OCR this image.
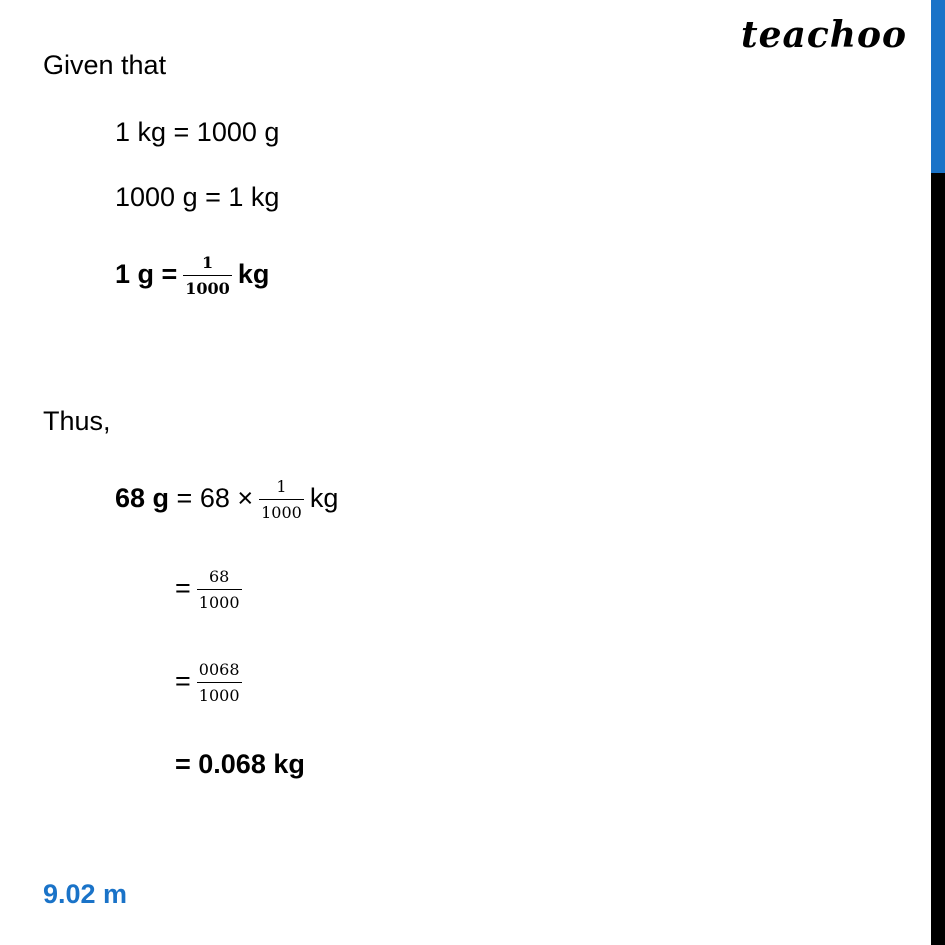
teachoo
Given that
1 kg = 1000 g
1000 g = 1 kg
1 $g = \frac{1}{1000}$ kg
Thus,
68 $g = 68 \times \frac{1}{1000}$ kg
= $\frac{68}{1000}$
= $\frac{0068}{1000}$
= 0.068 kg
9.02 m
